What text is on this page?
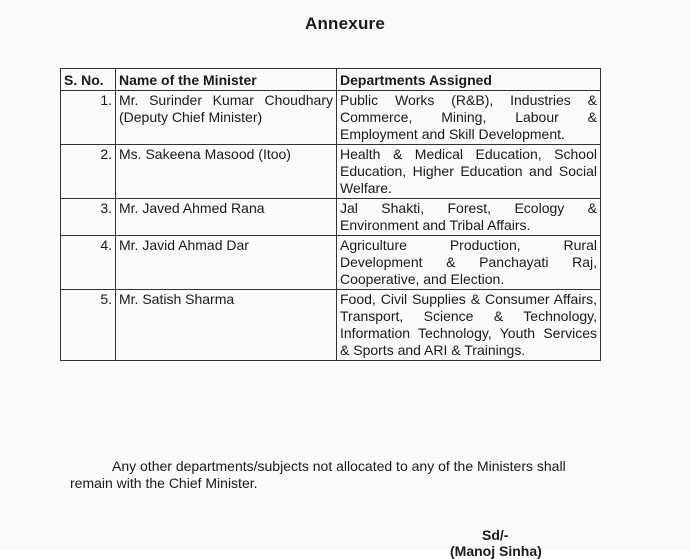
Annexure
S. No.	Name of the Minister	Departments Assigned
1.	Mr. Surinder Kumar Choudhary (Deputy Chief Minister)	Public Works (R&B), Industries & Commerce, Mining, Labour & Employment and Skill Development.
2.	Ms. Sakeena Masood (Itoo)	Health & Medical Education, School Education, Higher Education and Social Welfare.
3.	Mr. Javed Ahmed Rana	Jal Shakti, Forest, Ecology & Environment and Tribal Affairs.
4.	Mr. Javid Ahmad Dar	Agriculture Production, Rural Development & Panchayati Raj, Cooperative, and Election.
5.	Mr. Satish Sharma	Food, Civil Supplies & Consumer Affairs, Transport, Science & Technology, Information Technology, Youth Services & Sports and ARI & Trainings.
Any other departments/subjects not allocated to any of the Ministers shall remain with the Chief Minister.
Sd/-
(Manoj Sinha)
